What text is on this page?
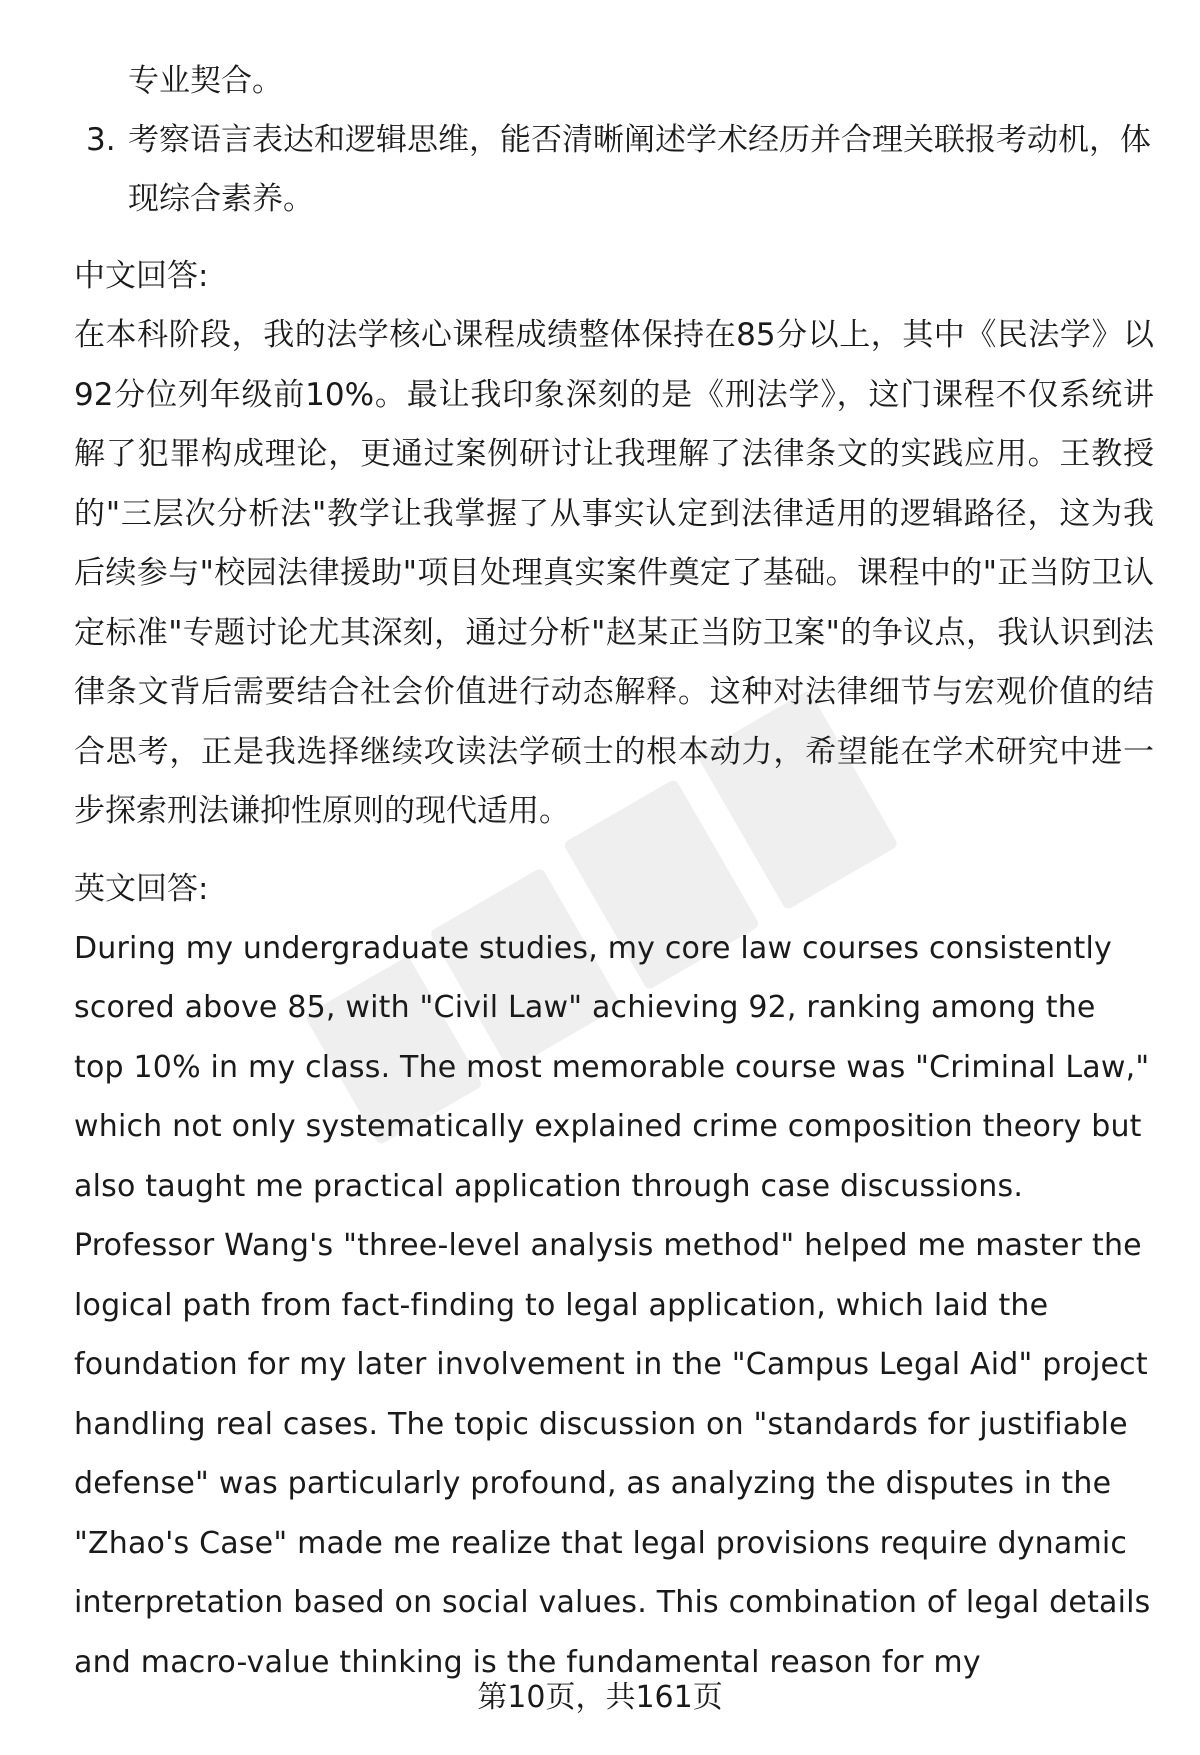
专业契合。

3. 考察语言表达和逻辑思维，能否清晰阐述学术经历并合理关联报考动机，体现综合素养。

中文回答:

在本科阶段，我的法学核心课程成绩整体保持在85分以上，其中《民法学》以92分位列年级前10%。最让我印象深刻的是《刑法学》，这门课程不仅系统讲解了犯罪构成理论，更通过案例研讨让我理解了法律条文的实践应用。王教授的"三层次分析法"教学让我掌握了从事实认定到法律适用的逻辑路径，这为我后续参与"校园法律援助"项目处理真实案件奠定了基础。课程中的"正当防卫认定标准"专题讨论尤其深刻，通过分析"赵某正当防卫案"的争议点，我认识到法律条文背后需要结合社会价值进行动态解释。这种对法律细节与宏观价值的结合思考，正是我选择继续攻读法学硕士的根本动力，希望能在学术研究中进一步探索刑法谦抑性原则的现代适用。

英文回答:

During my undergraduate studies, my core law courses consistently scored above 85, with "Civil Law" achieving 92, ranking among the top 10% in my class. The most memorable course was "Criminal Law," which not only systematically explained crime composition theory but also taught me practical application through case discussions. Professor Wang's "three-level analysis method" helped me master the logical path from fact-finding to legal application, which laid the foundation for my later involvement in the "Campus Legal Aid" project handling real cases. The topic discussion on "standards for justifiable defense" was particularly profound, as analyzing the disputes in the "Zhao's Case" made me realize that legal provisions require dynamic interpretation based on social values. This combination of legal details and macro-value thinking is the fundamental reason for my

第10页，共161页
